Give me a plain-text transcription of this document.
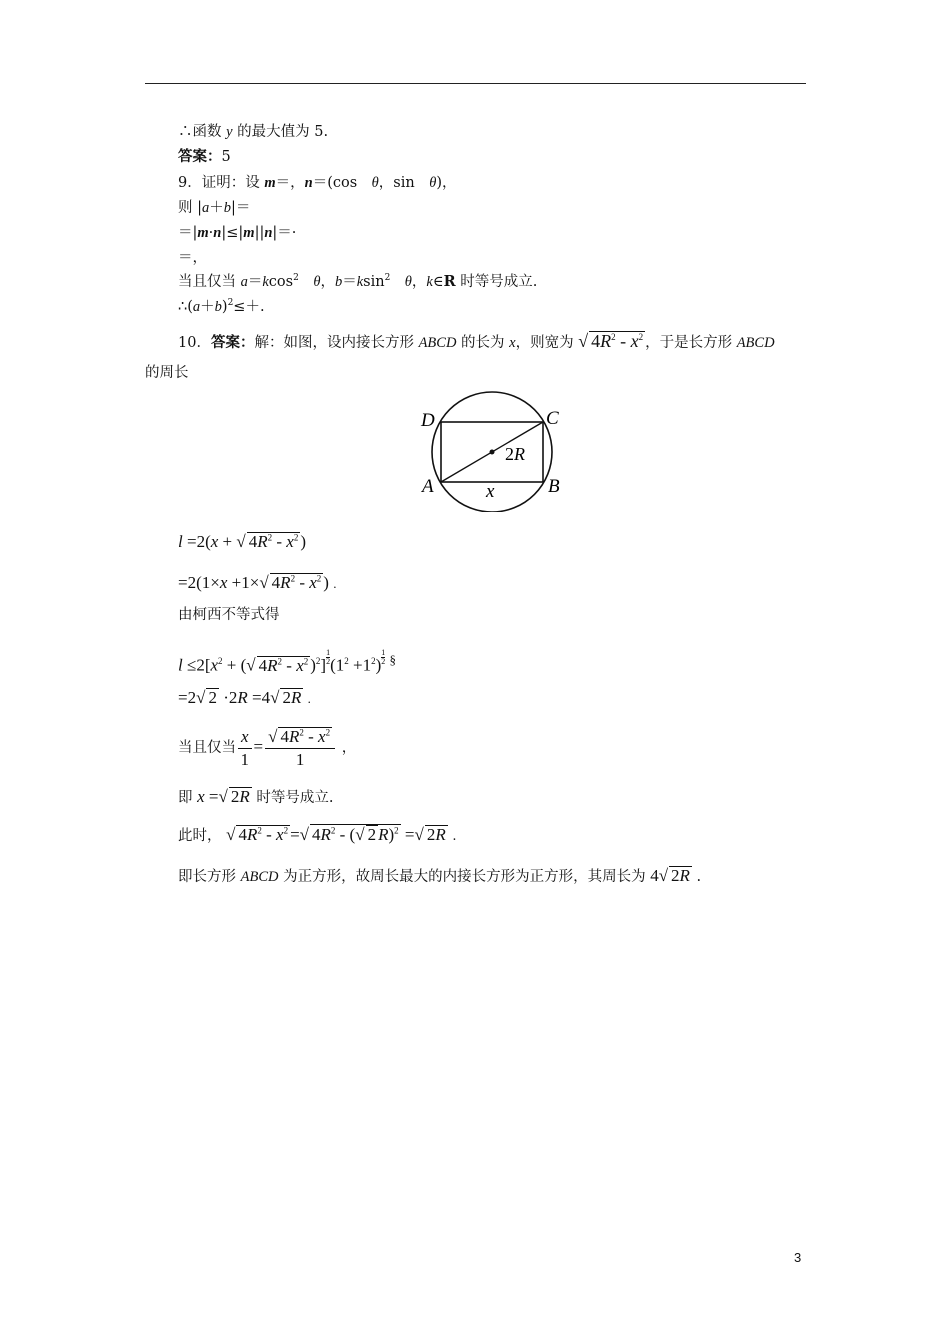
∴函数 y 的最大值为 5.
答案：5
9．证明：设 m＝，n＝(cos　θ，sin　θ)，
则 |a＋b|＝
＝|m·n|≤|m||n|＝·
＝，
当且仅当 a＝kcos$^2$　 θ，b＝ksin$^2$　 θ，k∈R 时等号成立.
$\therefore(a+b)^2\le+$.
10．答案：解：如图，设内接长方形 ABCD 的长为 x，则宽为 √ $4R^2 - x^2$ ，于是长方形 ABCD
的周长
D	C
A	B
2R
x
l =2(x + √ $4R^2 - x^2$ )
=2(1×x +1×√ $4R^2 - x^2$ ) .
由柯西不等式得
$l \le 2[x^2$ + (√ $4R^2 - x^2$ )$^2] \frac{1}{2} (1^2 +1^2) \frac{1}{2} ^\S$
=2√ 2 ·2R =4√ 2R .
当且仅当 $\frac{x}{1} = \frac{√ 4R^2 - x^2}{1}$ ，
即 x =√ 2R 时等号成立.
此时， √ $4R^2 - x^2$ =√ $4R^2$ - (√ 2 R)$^2$ =√ 2R .
即长方形 ABCD 为正方形，故周长最大的内接长方形为正方形，其周长为 4√ 2R .
3
